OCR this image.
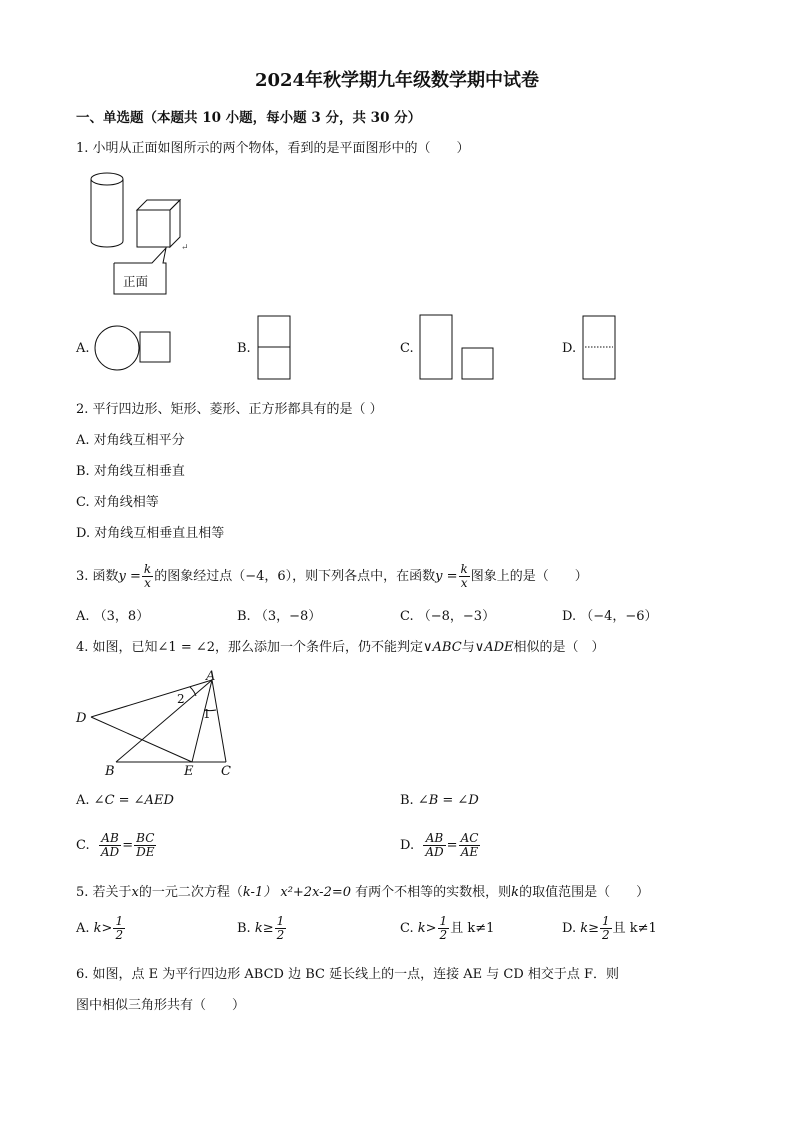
2024年秋学期九年级数学期中试卷
一、单选题（本题共 10 小题，每小题 3 分，共 30 分）
1. 小明从正面如图所示的两个物体，看到的是平面图形中的（　　）
↵
正面
A.	B.	C.	D.
2. 平行四边形、矩形、菱形、正方形都具有的是（ ）
A. 对角线互相平分
B. 对角线互相垂直
C. 对角线相等
D. 对角线互相垂直且相等
3. 函数$y = \frac{k}{x}$ 的图象经过点（−4，6），则下列各点中，在函数$y = \frac{k}{x}$ 图象上的是（　　）
A. （3，8）	B. （3，−8）	C. （−8，−3）	D. （−4，−6）
4. 如图，已知∠1 = ∠2，那么添加一个条件后，仍不能判定∨ABC与∨ADE相似的是（　）
A
B	C
D
E
1
2
A. ∠C = ∠AED	B. ∠B = ∠D
C. $\frac{AB}{AD} = \frac{BC}{DE}$	D. $\frac{AB}{AD} = \frac{AC}{AE}$
5. 若关于x的一元二次方程（k-1） x²+2x-2=0 有两个不相等的实数根，则k的取值范围是（　　）
A. $k> \frac{1}{2}$	B. $k\ge \frac{1}{2}$	C. $k> \frac{1}{2}$ 且 k≠1	D. $k\ge \frac{1}{2}$ 且 k≠1
6. 如图，点 E 为平行四边形 ABCD 边 BC 延长线上的一点，连接 AE 与 CD 相交于点 F．则
图中相似三角形共有（　　）
